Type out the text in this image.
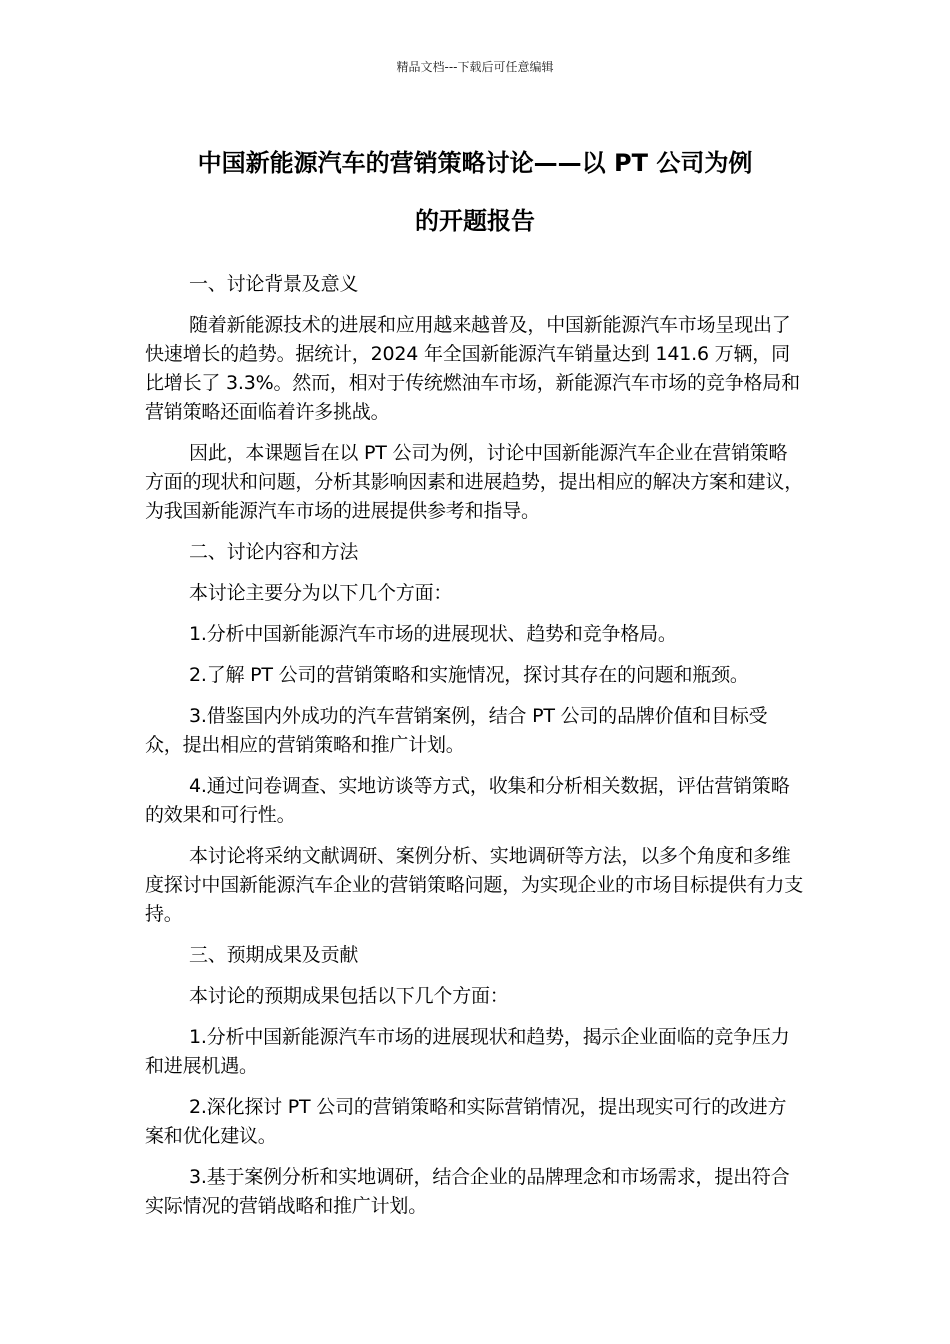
精品文档---下载后可任意编辑
中国新能源汽车的营销策略讨论——以 PT 公司为例
的开题报告

一、讨论背景及意义

随着新能源技术的进展和应用越来越普及，中国新能源汽车市场呈现出了快速增长的趋势。据统计，2024 年全国新能源汽车销量达到 141.6 万辆，同比增长了 3.3%。然而，相对于传统燃油车市场，新能源汽车市场的竞争格局和营销策略还面临着许多挑战。

因此，本课题旨在以 PT 公司为例，讨论中国新能源汽车企业在营销策略方面的现状和问题，分析其影响因素和进展趋势，提出相应的解决方案和建议，为我国新能源汽车市场的进展提供参考和指导。

二、讨论内容和方法

本讨论主要分为以下几个方面：

1.分析中国新能源汽车市场的进展现状、趋势和竞争格局。

2.了解 PT 公司的营销策略和实施情况，探讨其存在的问题和瓶颈。

3.借鉴国内外成功的汽车营销案例，结合 PT 公司的品牌价值和目标受众，提出相应的营销策略和推广计划。

4.通过问卷调查、实地访谈等方式，收集和分析相关数据，评估营销策略的效果和可行性。

本讨论将采纳文献调研、案例分析、实地调研等方法，以多个角度和多维度探讨中国新能源汽车企业的营销策略问题，为实现企业的市场目标提供有力支持。

三、预期成果及贡献

本讨论的预期成果包括以下几个方面：

1.分析中国新能源汽车市场的进展现状和趋势，揭示企业面临的竞争压力和进展机遇。

2.深化探讨 PT 公司的营销策略和实际营销情况，提出现实可行的改进方案和优化建议。

3.基于案例分析和实地调研，结合企业的品牌理念和市场需求，提出符合实际情况的营销战略和推广计划。
